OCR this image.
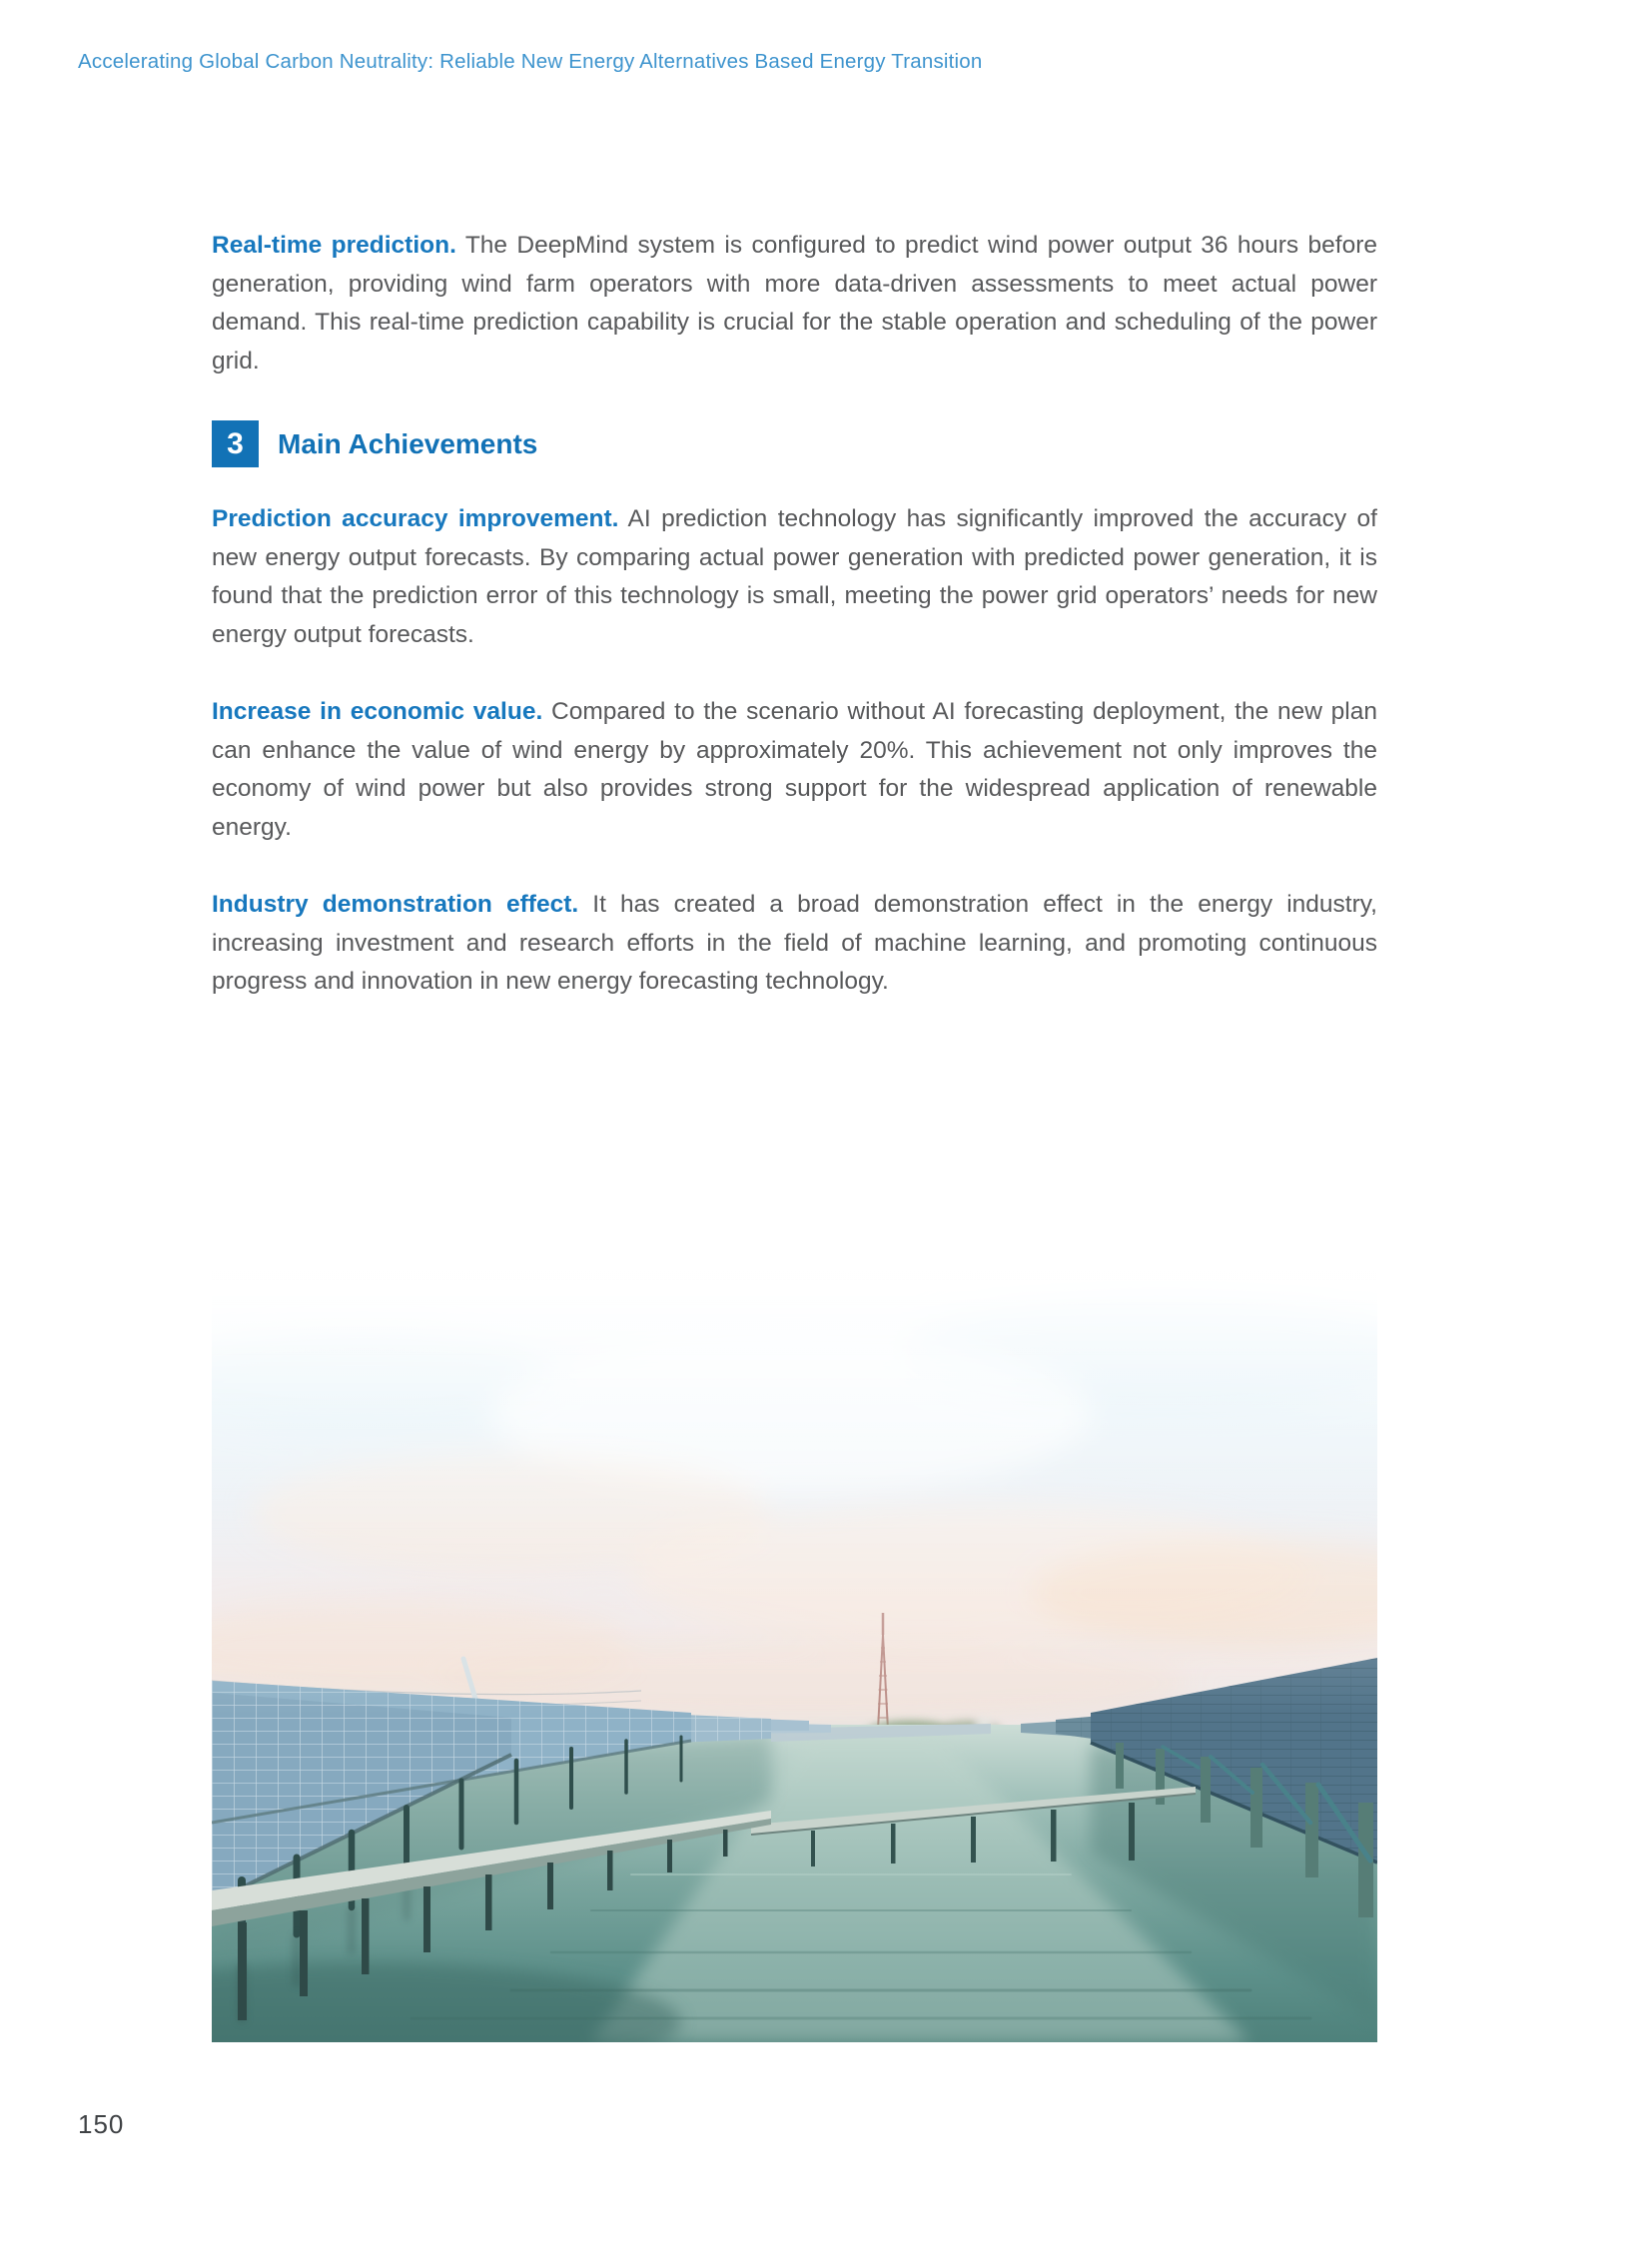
Accelerating Global Carbon Neutrality: Reliable New Energy Alternatives Based Energy Transition
Real-time prediction. The DeepMind system is configured to predict wind power output 36 hours before generation, providing wind farm operators with more data-driven assessments to meet actual power demand. This real-time prediction capability is crucial for the stable operation and scheduling of the power grid.
3	Main Achievements
Prediction accuracy improvement. AI prediction technology has significantly improved the accuracy of new energy output forecasts. By comparing actual power generation with predicted power generation, it is found that the prediction error of this technology is small, meeting the power grid operators’ needs for new energy output forecasts.
Increase in economic value. Compared to the scenario without AI forecasting deployment, the new plan can enhance the value of wind energy by approximately 20%. This achievement not only improves the economy of wind power but also provides strong support for the widespread application of renewable energy.
Industry demonstration effect. It has created a broad demonstration effect in the energy industry, increasing investment and research efforts in the field of machine learning, and promoting continuous progress and innovation in new energy forecasting technology.
150
